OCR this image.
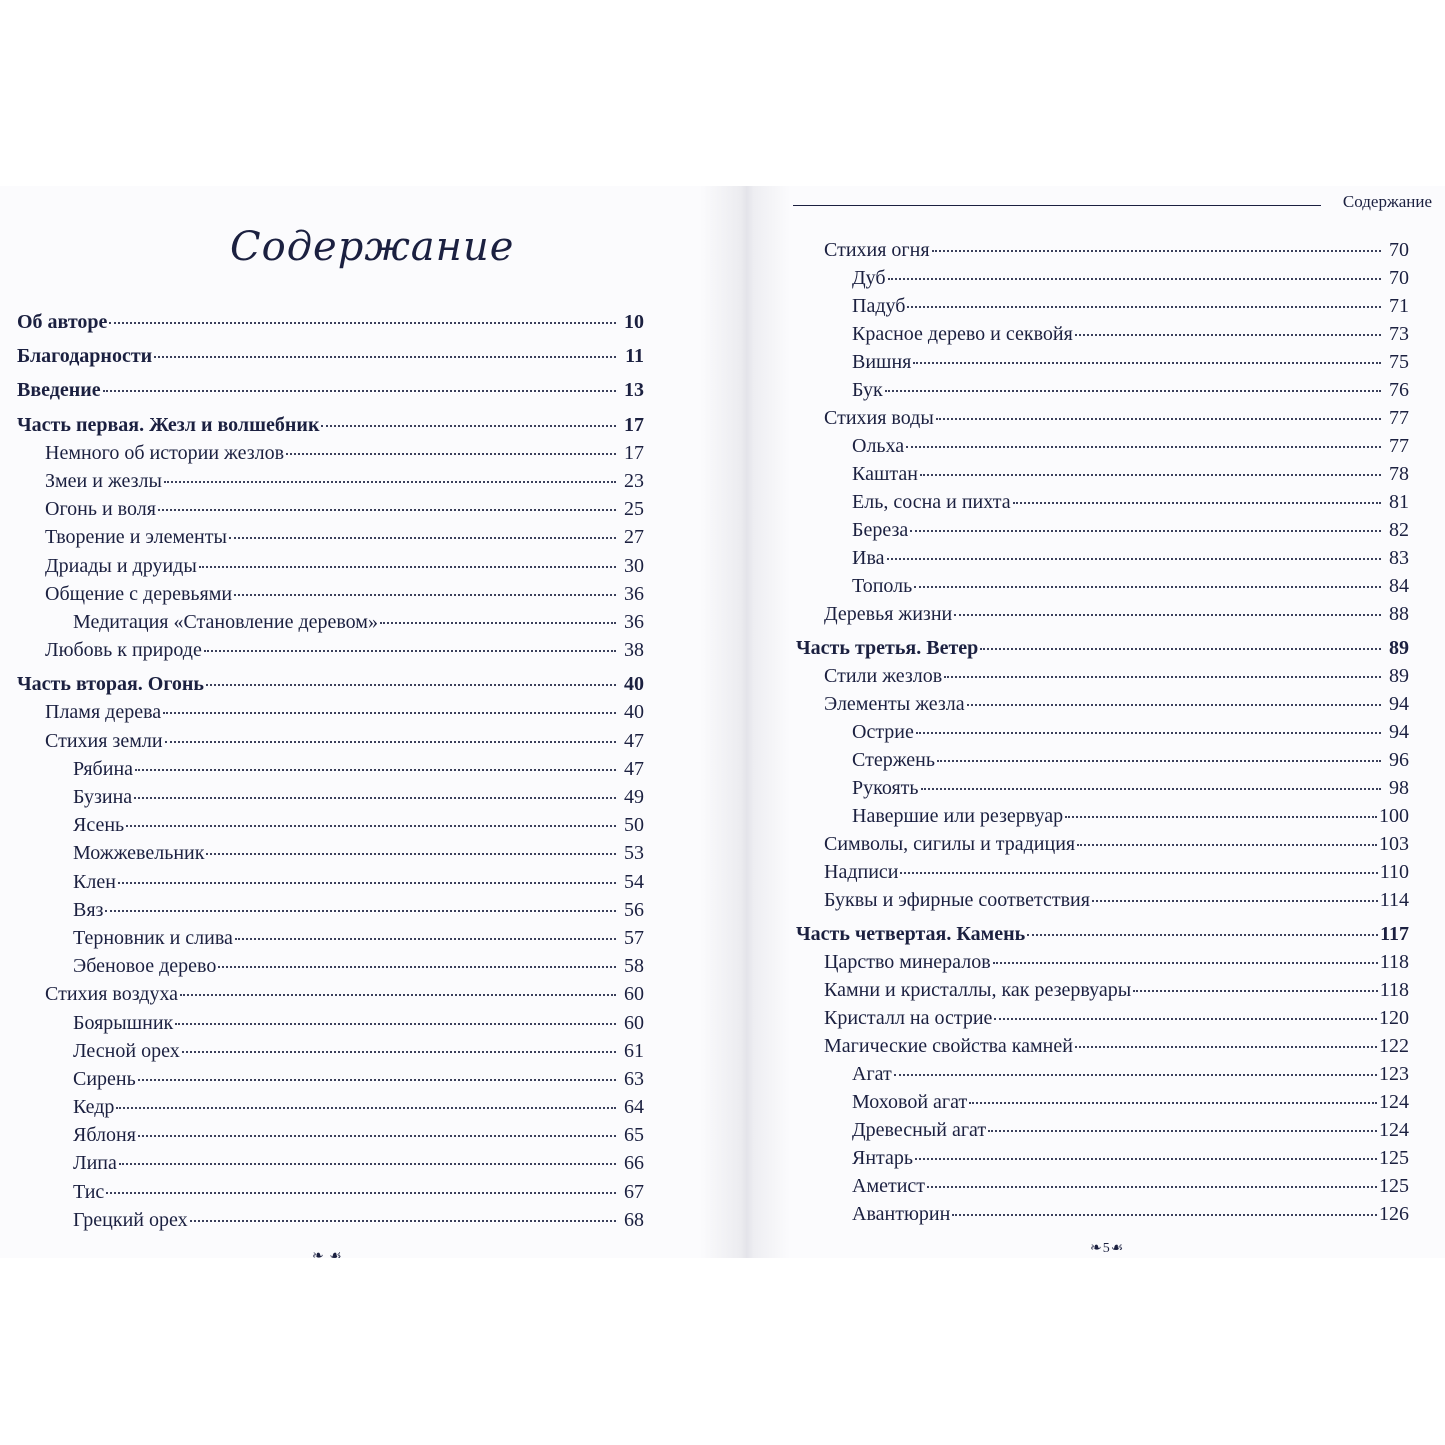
Содержание
Об авторе	10
Благодарности	11
Введение	13
Часть первая. Жезл и волшебник	17
Немного об истории жезлов	17
Змеи и жезлы	23
Огонь и воля	25
Творение и элементы	27
Дриады и друиды	30
Общение с деревьями	36
Медитация «Становление деревом»	36
Любовь к природе	38
Часть вторая. Огонь	40
Пламя дерева	40
Стихия земли	47
Рябина	47
Бузина	49
Ясень	50
Можжевельник	53
Клен	54
Вяз	56
Терновник и слива	57
Эбеновое дерево	58
Стихия воздуха	60
Боярышник	60
Лесной орех	61
Сирень	63
Кедр	64
Яблоня	65
Липа	66
Тис	67
Грецкий орех	68
❧ ☙
Содержание
Стихия огня	70
Дуб	70
Падуб	71
Красное дерево и секвойя	73
Вишня	75
Бук	76
Стихия воды	77
Ольха	77
Каштан	78
Ель, сосна и пихта	81
Береза	82
Ива	83
Тополь	84
Деревья жизни	88
Часть третья. Ветер	89
Стили жезлов	89
Элементы жезла	94
Острие	94
Стержень	96
Рукоять	98
Навершие или резервуар	100
Символы, сигилы и традиция	103
Надписи	110
Буквы и эфирные соответствия	114
Часть четвертая. Камень	117
Царство минералов	118
Камни и кристаллы, как резервуары	118
Кристалл на острие	120
Магические свойства камней	122
Агат	123
Моховой агат	124
Древесный агат	124
Янтарь	125
Аметист	125
Авантюрин	126
❧5☙
